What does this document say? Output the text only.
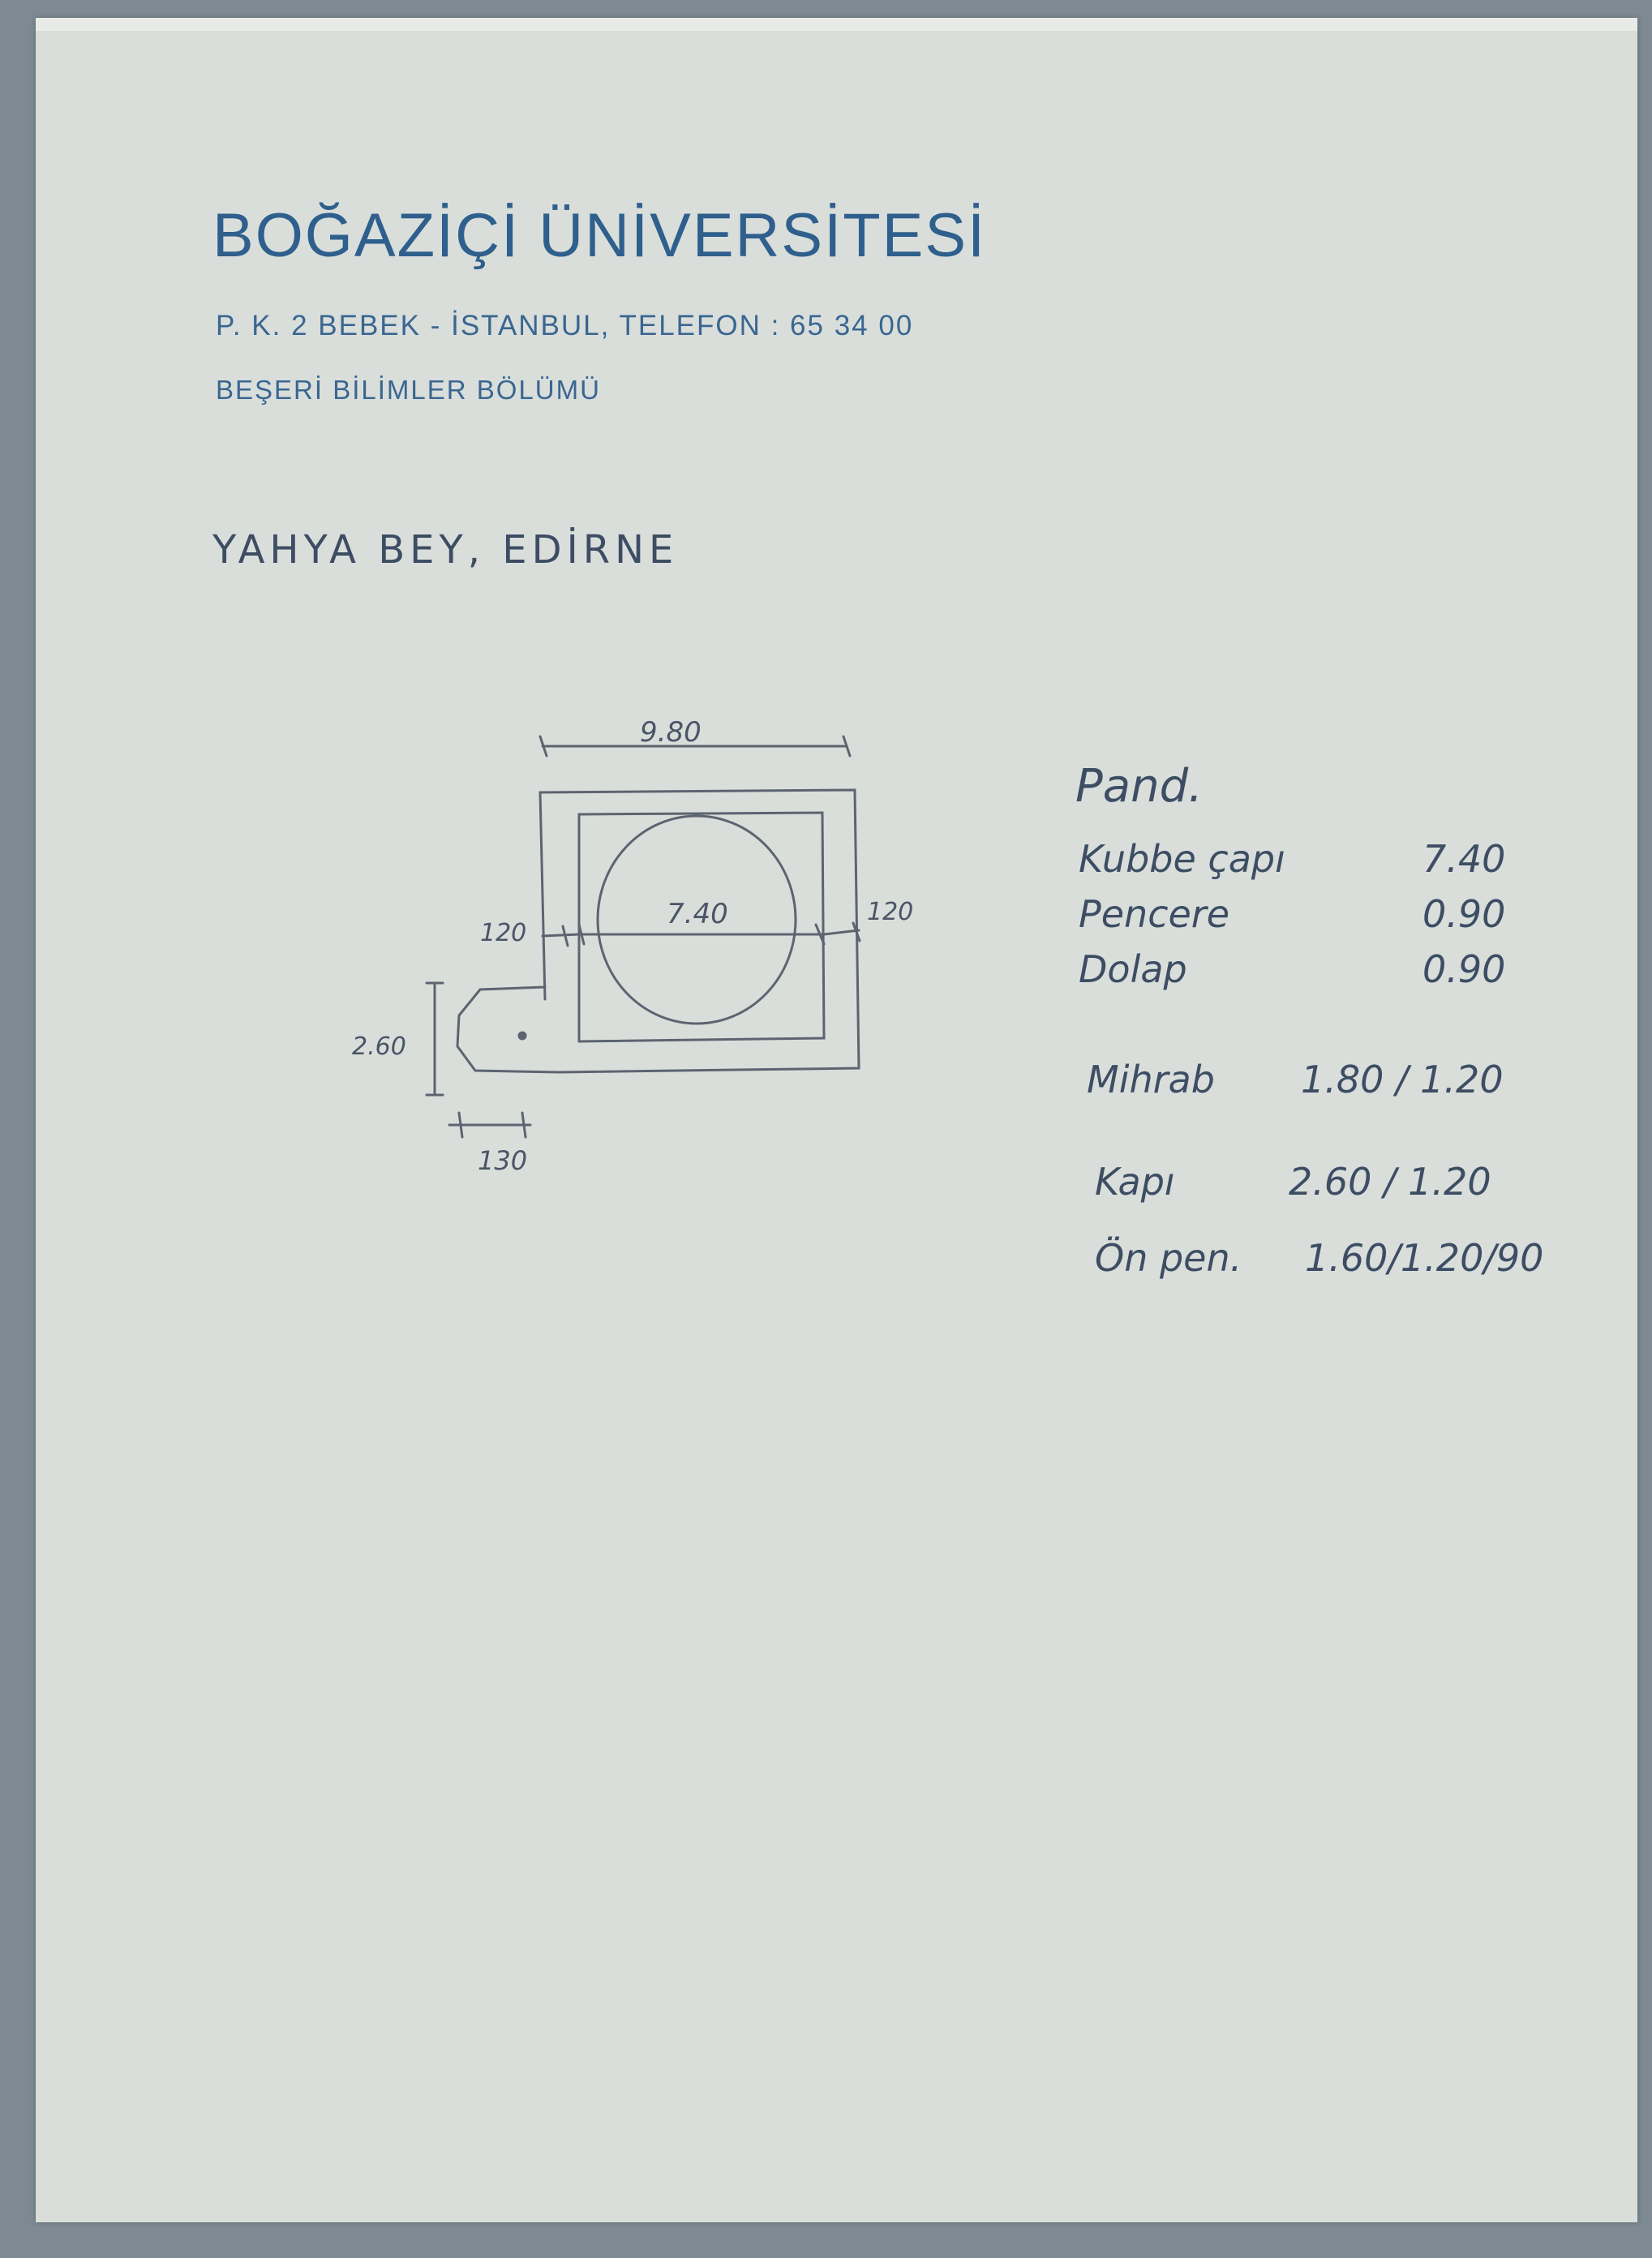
BOĞAZİÇİ ÜNİVERSİTESİ
P. K. 2 BEBEK - İSTANBUL, TELEFON : 65 34 00
BEŞERİ BİLİMLER BÖLÜMÜ
YAHYA BEY, EDİRNE
9.80
7.40
120
120
2.60
130
Pand.
Kubbe çapı	7.40
Pencere	0.90
Dolap	0.90
Mihrab 1.80 / 1.20
Kapı	2.60 / 1.20
Ön pen. 1.60/1.20/90
